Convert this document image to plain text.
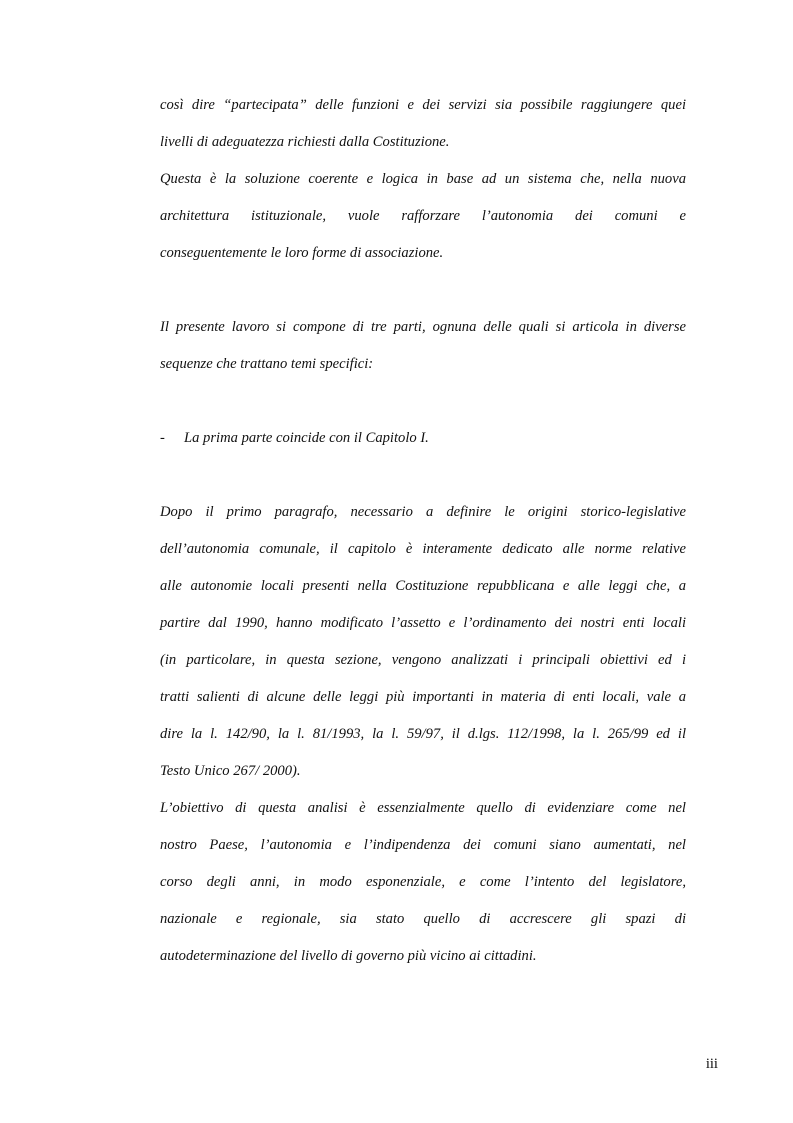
così dire “partecipata” delle funzioni e dei servizi sia possibile raggiungere quei
livelli di adeguatezza richiesti dalla Costituzione.
Questa è la soluzione coerente e logica in base ad un sistema che, nella nuova
architettura istituzionale, vuole rafforzare l’autonomia dei comuni e
conseguentemente le loro forme di associazione.
Il presente lavoro si compone di tre parti, ognuna delle quali si articola in diverse
sequenze che trattano temi specifici:
- La prima parte coincide con il Capitolo I.
Dopo il primo paragrafo, necessario a definire le origini storico-legislative
dell’autonomia comunale, il capitolo è interamente dedicato alle norme relative
alle autonomie locali presenti nella Costituzione repubblicana e alle leggi che, a
partire dal 1990, hanno modificato l’assetto e l’ordinamento dei nostri enti locali
(in particolare, in questa sezione, vengono analizzati i principali obiettivi ed i
tratti salienti di alcune delle leggi più importanti in materia di enti locali, vale a
dire la l. 142/90, la l. 81/1993, la l. 59/97, il d.lgs. 112/1998, la l. 265/99 ed il
Testo Unico 267/ 2000).
L’obiettivo di questa analisi è essenzialmente quello di evidenziare come nel
nostro Paese, l’autonomia e l’indipendenza dei comuni siano aumentati, nel
corso degli anni, in modo esponenziale, e come l’intento del legislatore,
nazionale e regionale, sia stato quello di accrescere gli spazi di
autodeterminazione del livello di governo più vicino ai cittadini.
iii
